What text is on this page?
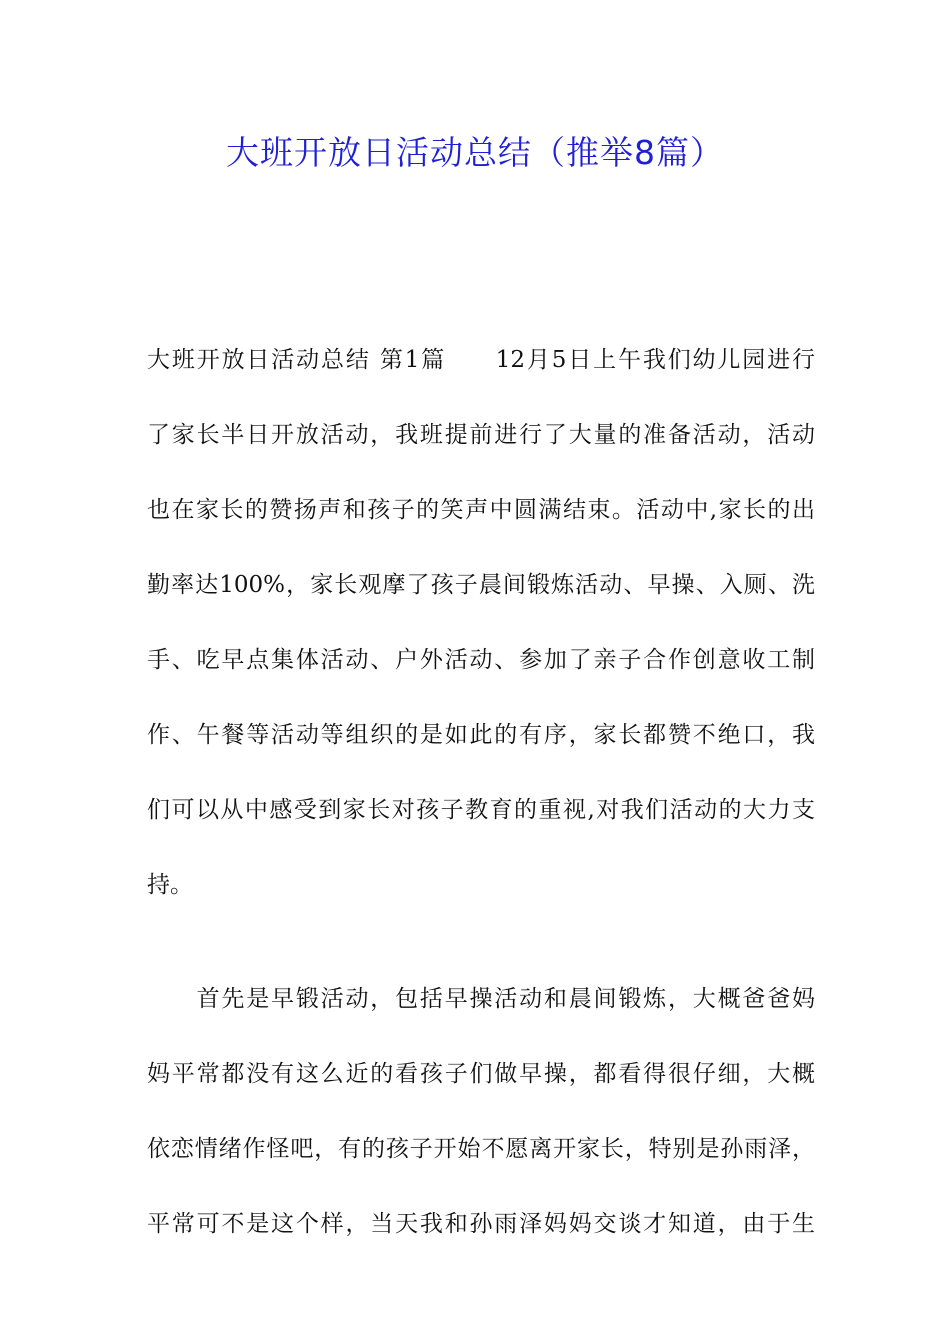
大班开放日活动总结（推举8篇）
大班开放日活动总结 第1篇　　12月5日上午我们幼儿园进行
了家长半日开放活动，我班提前进行了大量的准备活动，活动
也在家长的赞扬声和孩子的笑声中圆满结束。活动中,家长的出
勤率达100%，家长观摩了孩子晨间锻炼活动、早操、入厕、洗
手、吃早点集体活动、户外活动、参加了亲子合作创意收工制
作、午餐等活动等组织的是如此的有序，家长都赞不绝口，我
们可以从中感受到家长对孩子教育的重视,对我们活动的大力支
持。
　　首先是早锻活动，包括早操活动和晨间锻炼，大概爸爸妈
妈平常都没有这么近的看孩子们做早操，都看得很仔细，大概
依恋情绪作怪吧，有的孩子开始不愿离开家长，特别是孙雨泽，
平常可不是这个样，当天我和孙雨泽妈妈交谈才知道，由于生
